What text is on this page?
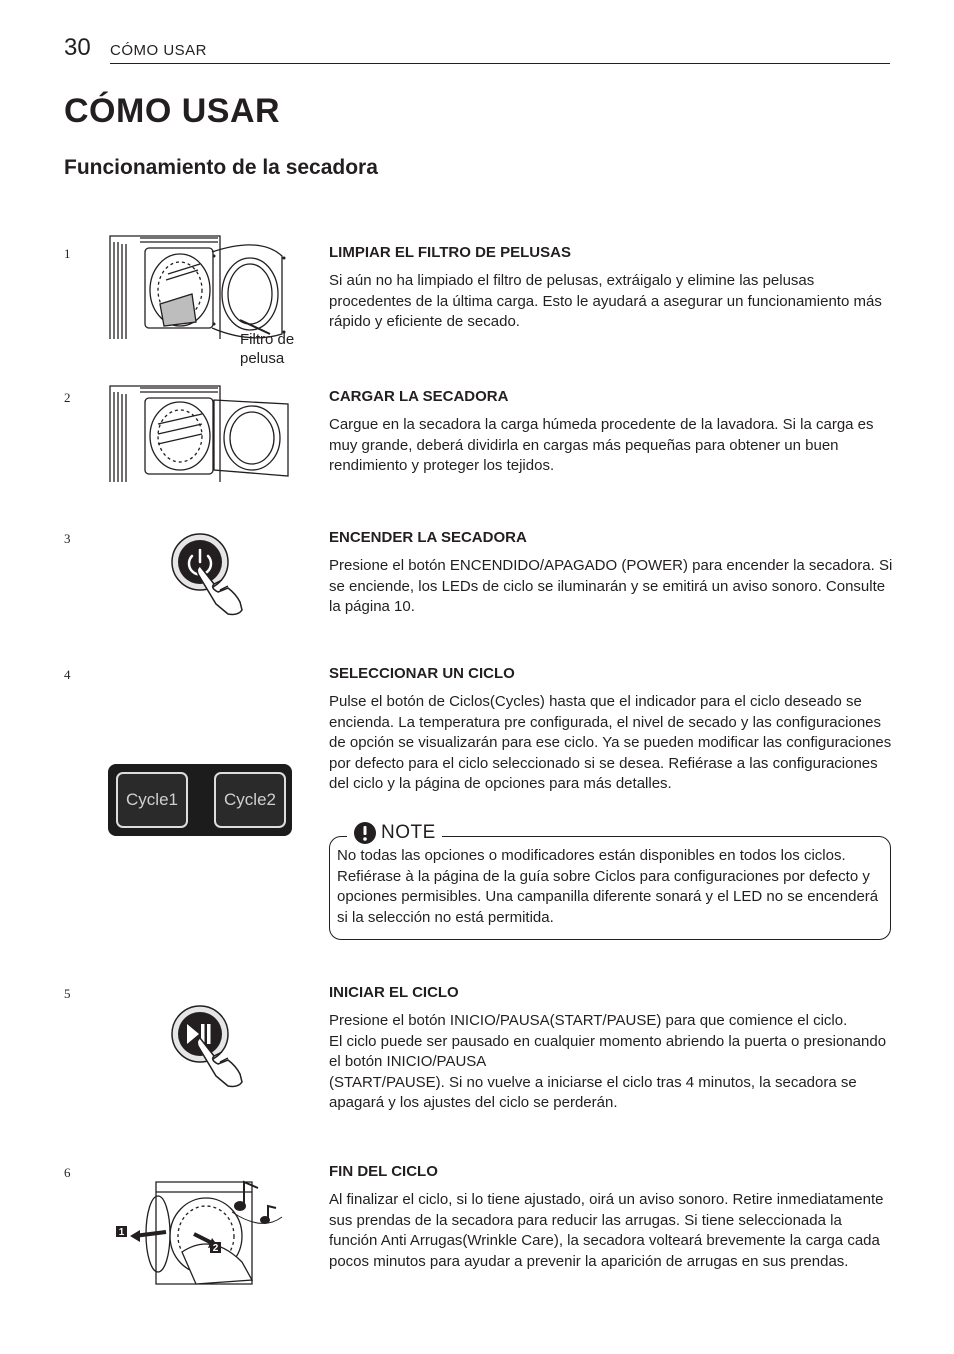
30 CÓMO USAR
CÓMO USAR
Funcionamiento de la secadora
1
Filtro de
pelusa
LIMPIAR EL FILTRO DE PELUSAS
Si aún no ha limpiado el filtro de pelusas, extráigalo y elimine las pelusas procedentes de la última carga. Esto le ayudará a asegurar un funcionamiento más rápido y eficiente de secado.
2	CARGAR LA SECADORA
Cargue en la secadora la carga húmeda procedente de la lavadora. Si la carga es muy grande, deberá dividirla en cargas más pequeñas para obtener un buen rendimiento y proteger los tejidos.
3	ENCENDER LA SECADORA
Presione el botón ENCENDIDO/APAGADO (POWER) para encender la secadora. Si se enciende, los LEDs de ciclo se iluminarán y se emitirá un aviso sonoro. Consulte la página 10.
4
Cycle1	Cycle2
SELECCIONAR UN CICLO
Pulse el botón de Ciclos(Cycles) hasta que el indicador para el ciclo deseado se encienda. La temperatura pre configurada, el nivel de secado y las configuraciones de opción se visualizarán para ese ciclo. Ya se pueden modificar las configuraciones por defecto para el ciclo seleccionado si se desea. Refiérase a las configuraciones del ciclo y la página de opciones para más detalles.
NOTE
No todas las opciones o modificadores están disponibles en todos los ciclos. Refiérase à la página de la guía sobre Ciclos para configuraciones por defecto y opciones permisibles. Una campanilla diferente sonará y el LED no se encenderá si la selección no está permitida.
5	INICIAR EL CICLO
Presione el botón INICIO/PAUSA(START/PAUSE) para que comience el ciclo.
El ciclo puede ser pausado en cualquier momento abriendo la puerta o presionando el botón INICIO/PAUSA
(START/PAUSE). Si no vuelve a iniciarse el ciclo tras 4 minutos, la secadora se apagará y los ajustes del ciclo se perderán.
6
1
2
FIN DEL CICLO
Al finalizar el ciclo, si lo tiene ajustado, oirá un aviso sonoro. Retire inmediatamente sus prendas de la secadora para reducir las arrugas. Si tiene seleccionada la función Anti Arrugas(Wrinkle Care), la secadora volteará brevemente la carga cada pocos minutos para ayudar a prevenir la aparición de arrugas en sus prendas.
